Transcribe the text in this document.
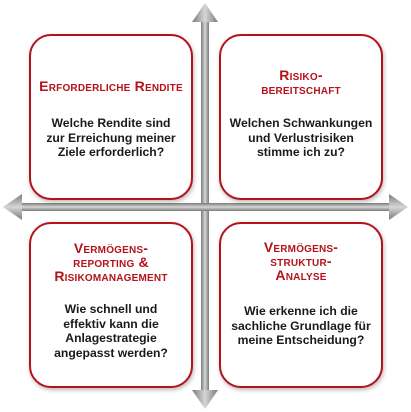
Erforderliche Rendite
Welche Rendite sind
zur Erreichung meiner
Ziele erforderlich?
Risiko-
bereitschaft
Welchen Schwankungen
und Verlustrisiken
stimme ich zu?
Vermögens-
reporting &
Risikomanagement
Wie schnell und
effektiv kann die
Anlagestrategie
angepasst werden?
Vermögens-
struktur-
Analyse
Wie erkenne ich die
sachliche Grundlage für
meine Entscheidung?
